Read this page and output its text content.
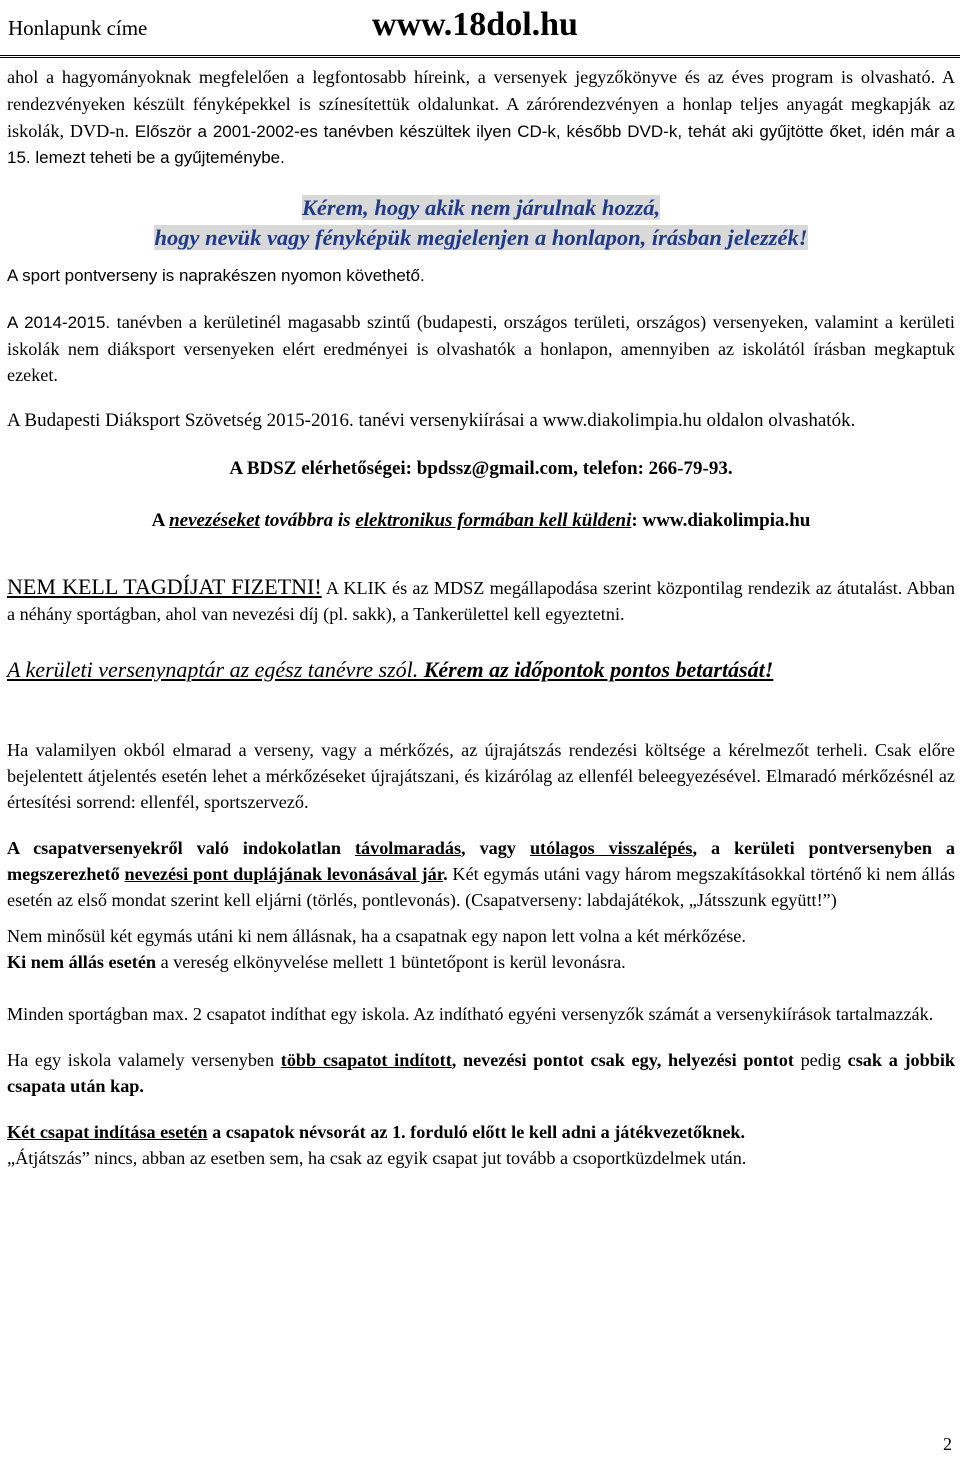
Honlapunk címe	www.18dol.hu

ahol a hagyományoknak megfelelően a legfontosabb híreink, a versenyek jegyzőkönyve és az éves program is olvasható. A rendezvényeken készült fényképekkel is színesítettük oldalunkat. A zárórendezvényen a honlap teljes anyagát megkapják az iskolák, DVD-n. Először a 2001-2002-es tanévben készültek ilyen CD-k, később DVD-k, tehát aki gyűjtötte őket, idén már a 15. lemezt teheti be a gyűjteménybe.

Kérem, hogy akik nem járulnak hozzá,
hogy nevük vagy fényképük megjelenjen a honlapon, írásban jelezzék!

A sport pontverseny is naprakészen nyomon követhető.

A 2014-2015. tanévben a kerületinél magasabb szintű (budapesti, országos területi, országos) versenyeken, valamint a kerületi iskolák nem diáksport versenyeken elért eredményei is olvashatók a honlapon, amennyiben az iskolától írásban megkaptuk ezeket.

A Budapesti Diáksport Szövetség 2015-2016. tanévi versenykiírásai a www.diakolimpia.hu oldalon olvashatók.

A BDSZ elérhetőségei: bpdssz@gmail.com, telefon: 266-79-93.

A nevezéseket továbbra is elektronikus formában kell küldeni: www.diakolimpia.hu

NEM KELL TAGDÍJAT FIZETNI! A KLIK és az MDSZ megállapodása szerint központilag rendezik az átutalást. Abban a néhány sportágban, ahol van nevezési díj (pl. sakk), a Tankerülettel kell egyeztetni.

A kerületi versenynaptár az egész tanévre szól. Kérem az időpontok pontos betartását!

Ha valamilyen okból elmarad a verseny, vagy a mérkőzés, az újrajátszás rendezési költsége a kérelmezőt terheli. Csak előre bejelentett átjelentés esetén lehet a mérkőzéseket újrajátszani, és kizárólag az ellenfél beleegyezésével. Elmaradó mérkőzésnél az értesítési sorrend: ellenfél, sportszervező.

A csapatversenyekről való indokolatlan távolmaradás, vagy utólagos visszalépés, a kerületi pontversenyben a megszerezhető nevezési pont duplájának levonásával jár. Két egymás utáni vagy három megszakításokkal történő ki nem állás esetén az első mondat szerint kell eljárni (törlés, pontlevonás). (Csapatverseny: labdajátékok, „Játsszunk együtt!”)

Nem minősül két egymás utáni ki nem állásnak, ha a csapatnak egy napon lett volna a két mérkőzése.

Ki nem állás esetén a vereség elkönyvelése mellett 1 büntetőpont is kerül levonásra.

Minden sportágban max. 2 csapatot indíthat egy iskola. Az indítható egyéni versenyzők számát a versenykiírások tartalmazzák.

Ha egy iskola valamely versenyben több csapatot indított, nevezési pontot csak egy, helyezési pontot pedig csak a jobbik csapata után kap.

Két csapat indítása esetén a csapatok névsorát az 1. forduló előtt le kell adni a játékvezetőknek.

„Átjátszás” nincs, abban az esetben sem, ha csak az egyik csapat jut tovább a csoportküzdelmek után.

2
